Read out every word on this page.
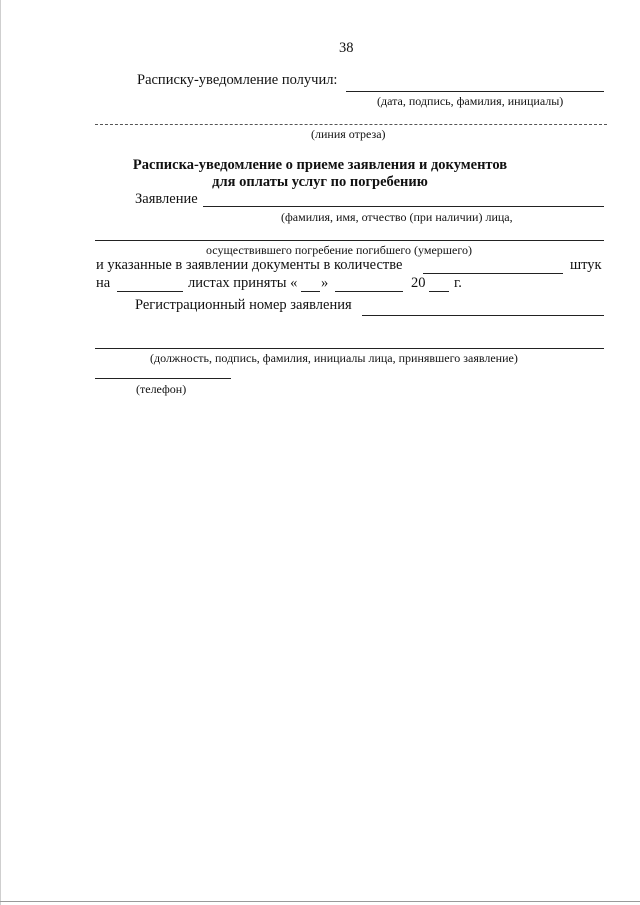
38
Расписку-уведомление получил:
(дата, подпись, фамилия, инициалы)
(линия отреза)
Расписка-уведомление о приеме заявления и документов
для оплаты услуг по погребению
Заявление
(фамилия, имя, отчество (при наличии) лица,
осуществившего погребение погибшего (умершего)
и указанные в заявлении документы в количестве	штук
на	листах приняты « »	20 г.
Регистрационный номер заявления
(должность, подпись, фамилия, инициалы лица, принявшего заявление)
(телефон)
